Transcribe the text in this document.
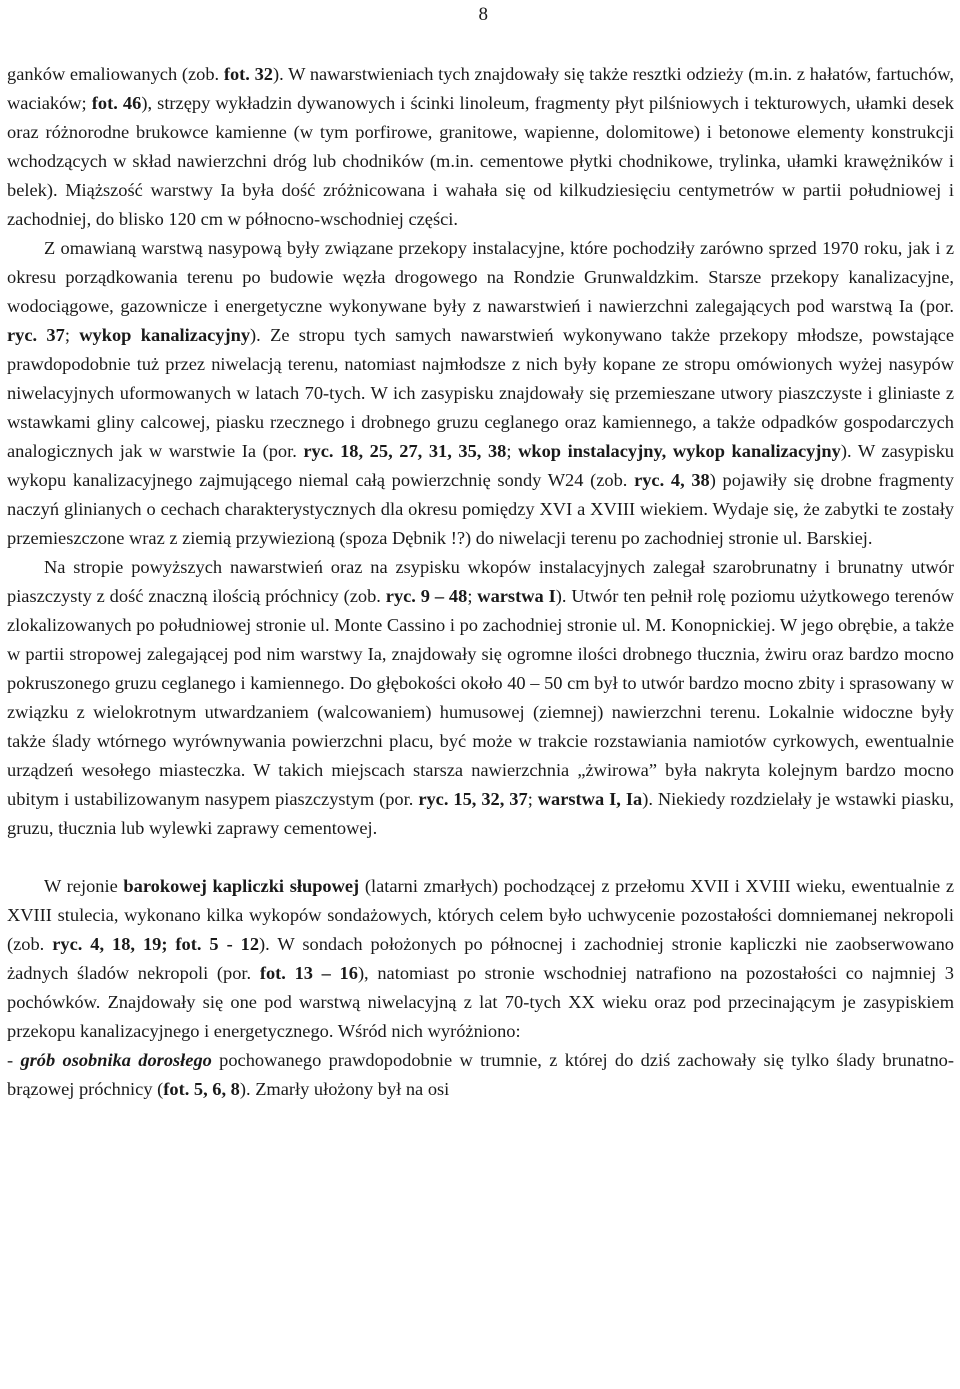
8

ganków emaliowanych (zob. fot. 32). W nawarstwieniach tych znajdowały się także resztki odzieży (m.in. z hałatów, fartuchów, waciaków; fot. 46), strzępy wykładzin dywanowych i ścinki linoleum, fragmenty płyt pilśniowych i tekturowych, ułamki desek oraz różnorodne brukowce kamienne (w tym porfirowe, granitowe, wapienne, dolomitowe) i betonowe elementy konstrukcji wchodzących w skład nawierzchni dróg lub chodników (m.in. cementowe płytki chodnikowe, trylinka, ułamki krawężników i belek). Miąższość warstwy Ia była dość zróżnicowana i wahała się od kilkudziesięciu centymetrów w partii południowej i zachodniej, do blisko 120 cm w północno-wschodniej części.

Z omawianą warstwą nasypową były związane przekopy instalacyjne, które pochodziły zarówno sprzed 1970 roku, jak i z okresu porządkowania terenu po budowie węzła drogowego na Rondzie Grunwaldzkim. Starsze przekopy kanalizacyjne, wodociągowe, gazownicze i energetyczne wykonywane były z nawarstwień i nawierzchni zalegających pod warstwą Ia (por. ryc. 37; wykop kanalizacyjny). Ze stropu tych samych nawarstwień wykonywano także przekopy młodsze, powstające prawdopodobnie tuż przez niwelacją terenu, natomiast najmłodsze z nich były kopane ze stropu omówionych wyżej nasypów niwelacyjnych uformowanych w latach 70-tych. W ich zasypisku znajdowały się przemieszane utwory piaszczyste i gliniaste z wstawkami gliny calcowej, piasku rzecznego i drobnego gruzu ceglanego oraz kamiennego, a także odpadków gospodarczych analogicznych jak w warstwie Ia (por. ryc. 18, 25, 27, 31, 35, 38; wkop instalacyjny, wykop kanalizacyjny). W zasypisku wykopu kanalizacyjnego zajmującego niemal całą powierzchnię sondy W24 (zob. ryc. 4, 38) pojawiły się drobne fragmenty naczyń glinianych o cechach charakterystycznych dla okresu pomiędzy XVI a XVIII wiekiem. Wydaje się, że zabytki te zostały przemieszczone wraz z ziemią przywiezioną (spoza Dębnik !?) do niwelacji terenu po zachodniej stronie ul. Barskiej.

Na stropie powyższych nawarstwień oraz na zsypisku wkopów instalacyjnych zalegał szarobrunatny i brunatny utwór piaszczysty z dość znaczną ilością próchnicy (zob. ryc. 9 – 48; warstwa I). Utwór ten pełnił rolę poziomu użytkowego terenów zlokalizowanych po południowej stronie ul. Monte Cassino i po zachodniej stronie ul. M. Konopnickiej. W jego obrębie, a także w partii stropowej zalegającej pod nim warstwy Ia, znajdowały się ogromne ilości drobnego tłucznia, żwiru oraz bardzo mocno pokruszonego gruzu ceglanego i kamiennego. Do głębokości około 40 – 50 cm był to utwór bardzo mocno zbity i sprasowany w związku z wielokrotnym utwardzaniem (walcowaniem) humusowej (ziemnej) nawierzchni terenu. Lokalnie widoczne były także ślady wtórnego wyrównywania powierzchni placu, być może w trakcie rozstawiania namiotów cyrkowych, ewentualnie urządzeń wesołego miasteczka. W takich miejscach starsza nawierzchnia „żwirowa” była nakryta kolejnym bardzo mocno ubitym i ustabilizowanym nasypem piaszczystym (por. ryc. 15, 32, 37; warstwa I, Ia). Niekiedy rozdzielały je wstawki piasku, gruzu, tłucznia lub wylewki zaprawy cementowej.

W rejonie barokowej kapliczki słupowej (latarni zmarłych) pochodzącej z przełomu XVII i XVIII wieku, ewentualnie z XVIII stulecia, wykonano kilka wykopów sondażowych, których celem było uchwycenie pozostałości domniemanej nekropoli (zob. ryc. 4, 18, 19; fot. 5 - 12). W sondach położonych po północnej i zachodniej stronie kapliczki nie zaobserwowano żadnych śladów nekropoli (por. fot. 13 – 16), natomiast po stronie wschodniej natrafiono na pozostałości co najmniej 3 pochówków. Znajdowały się one pod warstwą niwelacyjną z lat 70-tych XX wieku oraz pod przecinającym je zasypiskiem przekopu kanalizacyjnego i energetycznego. Wśród nich wyróżniono:

- grób osobnika dorosłego pochowanego prawdopodobnie w trumnie, z której do dziś zachowały się tylko ślady brunatno-brązowej próchnicy (fot. 5, 6, 8). Zmarły ułożony był na osi
